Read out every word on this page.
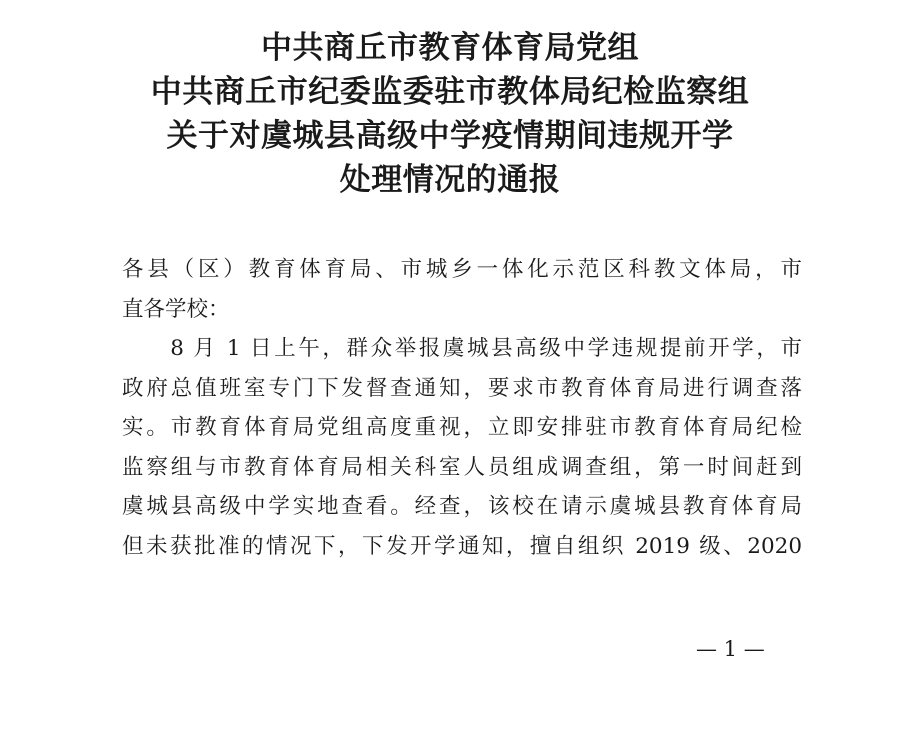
中共商丘市教育体育局党组
中共商丘市纪委监委驻市教体局纪检监察组
关于对虞城县高级中学疫情期间违规开学
处理情况的通报
各县（区）教育体育局、市城乡一体化示范区科教文体局，市
直各学校：
　　8 月 1 日上午，群众举报虞城县高级中学违规提前开学，市
政府总值班室专门下发督查通知，要求市教育体育局进行调查落
实。市教育体育局党组高度重视，立即安排驻市教育体育局纪检
监察组与市教育体育局相关科室人员组成调查组，第一时间赶到
虞城县高级中学实地查看。经查，该校在请示虞城县教育体育局
但未获批准的情况下，下发开学通知，擅自组织 2019 级、2020
— 1 —
